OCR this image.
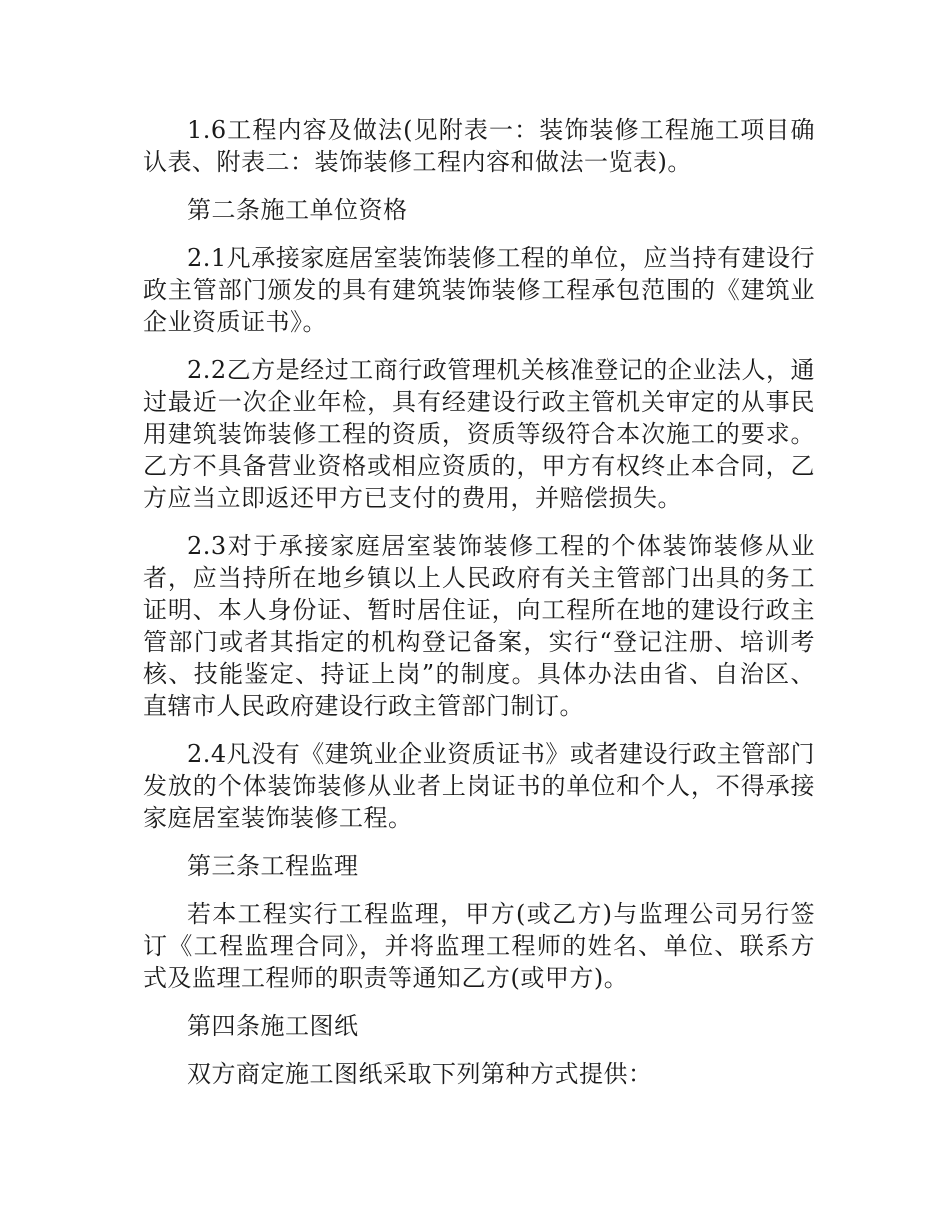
1.6工程内容及做法(见附表一：装饰装修工程施工项目确认表、附表二：装饰装修工程内容和做法一览表)。

第二条施工单位资格

2.1凡承接家庭居室装饰装修工程的单位，应当持有建设行政主管部门颁发的具有建筑装饰装修工程承包范围的《建筑业企业资质证书》。

2.2乙方是经过工商行政管理机关核准登记的企业法人，通过最近一次企业年检，具有经建设行政主管机关审定的从事民用建筑装饰装修工程的资质，资质等级符合本次施工的要求。乙方不具备营业资格或相应资质的，甲方有权终止本合同，乙方应当立即返还甲方已支付的费用，并赔偿损失。

2.3对于承接家庭居室装饰装修工程的个体装饰装修从业者，应当持所在地乡镇以上人民政府有关主管部门出具的务工证明、本人身份证、暂时居住证，向工程所在地的建设行政主管部门或者其指定的机构登记备案，实行“登记注册、培训考核、技能鉴定、持证上岗”的制度。具体办法由省、自治区、直辖市人民政府建设行政主管部门制订。

2.4凡没有《建筑业企业资质证书》或者建设行政主管部门发放的个体装饰装修从业者上岗证书的单位和个人，不得承接家庭居室装饰装修工程。

第三条工程监理

若本工程实行工程监理，甲方(或乙方)与监理公司另行签订《工程监理合同》，并将监理工程师的姓名、单位、联系方式及监理工程师的职责等通知乙方(或甲方)。

第四条施工图纸

双方商定施工图纸采取下列第种方式提供：
